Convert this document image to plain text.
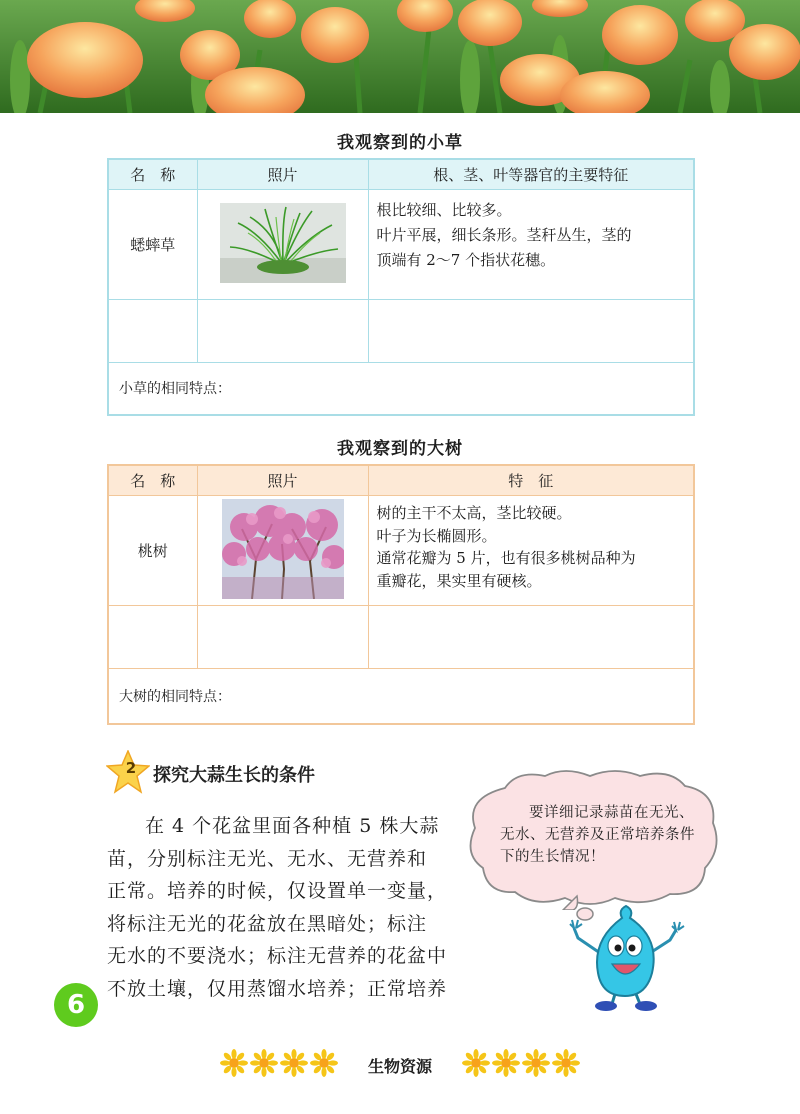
我观察到的小草
名　称	照片	根、茎、叶等器官的主要特征
蟋蟀草		根比较细、比较多。
叶片平展，细长条形。茎秆丛生，茎的
顶端有 2～7 个指状花穗。

小草的相同特点：		
我观察到的大树
名　称	照片	特　征
桃树		树的主干不太高，茎比较硬。
叶子为长椭圆形。
通常花瓣为 5 片，也有很多桃树品种为
重瓣花，果实里有硬核。

大树的相同特点：		
2 探究大蒜生长的条件
在 4 个花盆里面各种植 5 株大蒜
苗，分别标注无光、无水、无营养和
正常。培养的时候，仅设置单一变量，
将标注无光的花盆放在黑暗处；标注
无水的不要浇水；标注无营养的花盆中
不放土壤，仅用蒸馏水培养；正常培养
要详细记录蒜苗在无光、
无水、无营养及正常培养条件
下的生长情况！
6
生物资源
